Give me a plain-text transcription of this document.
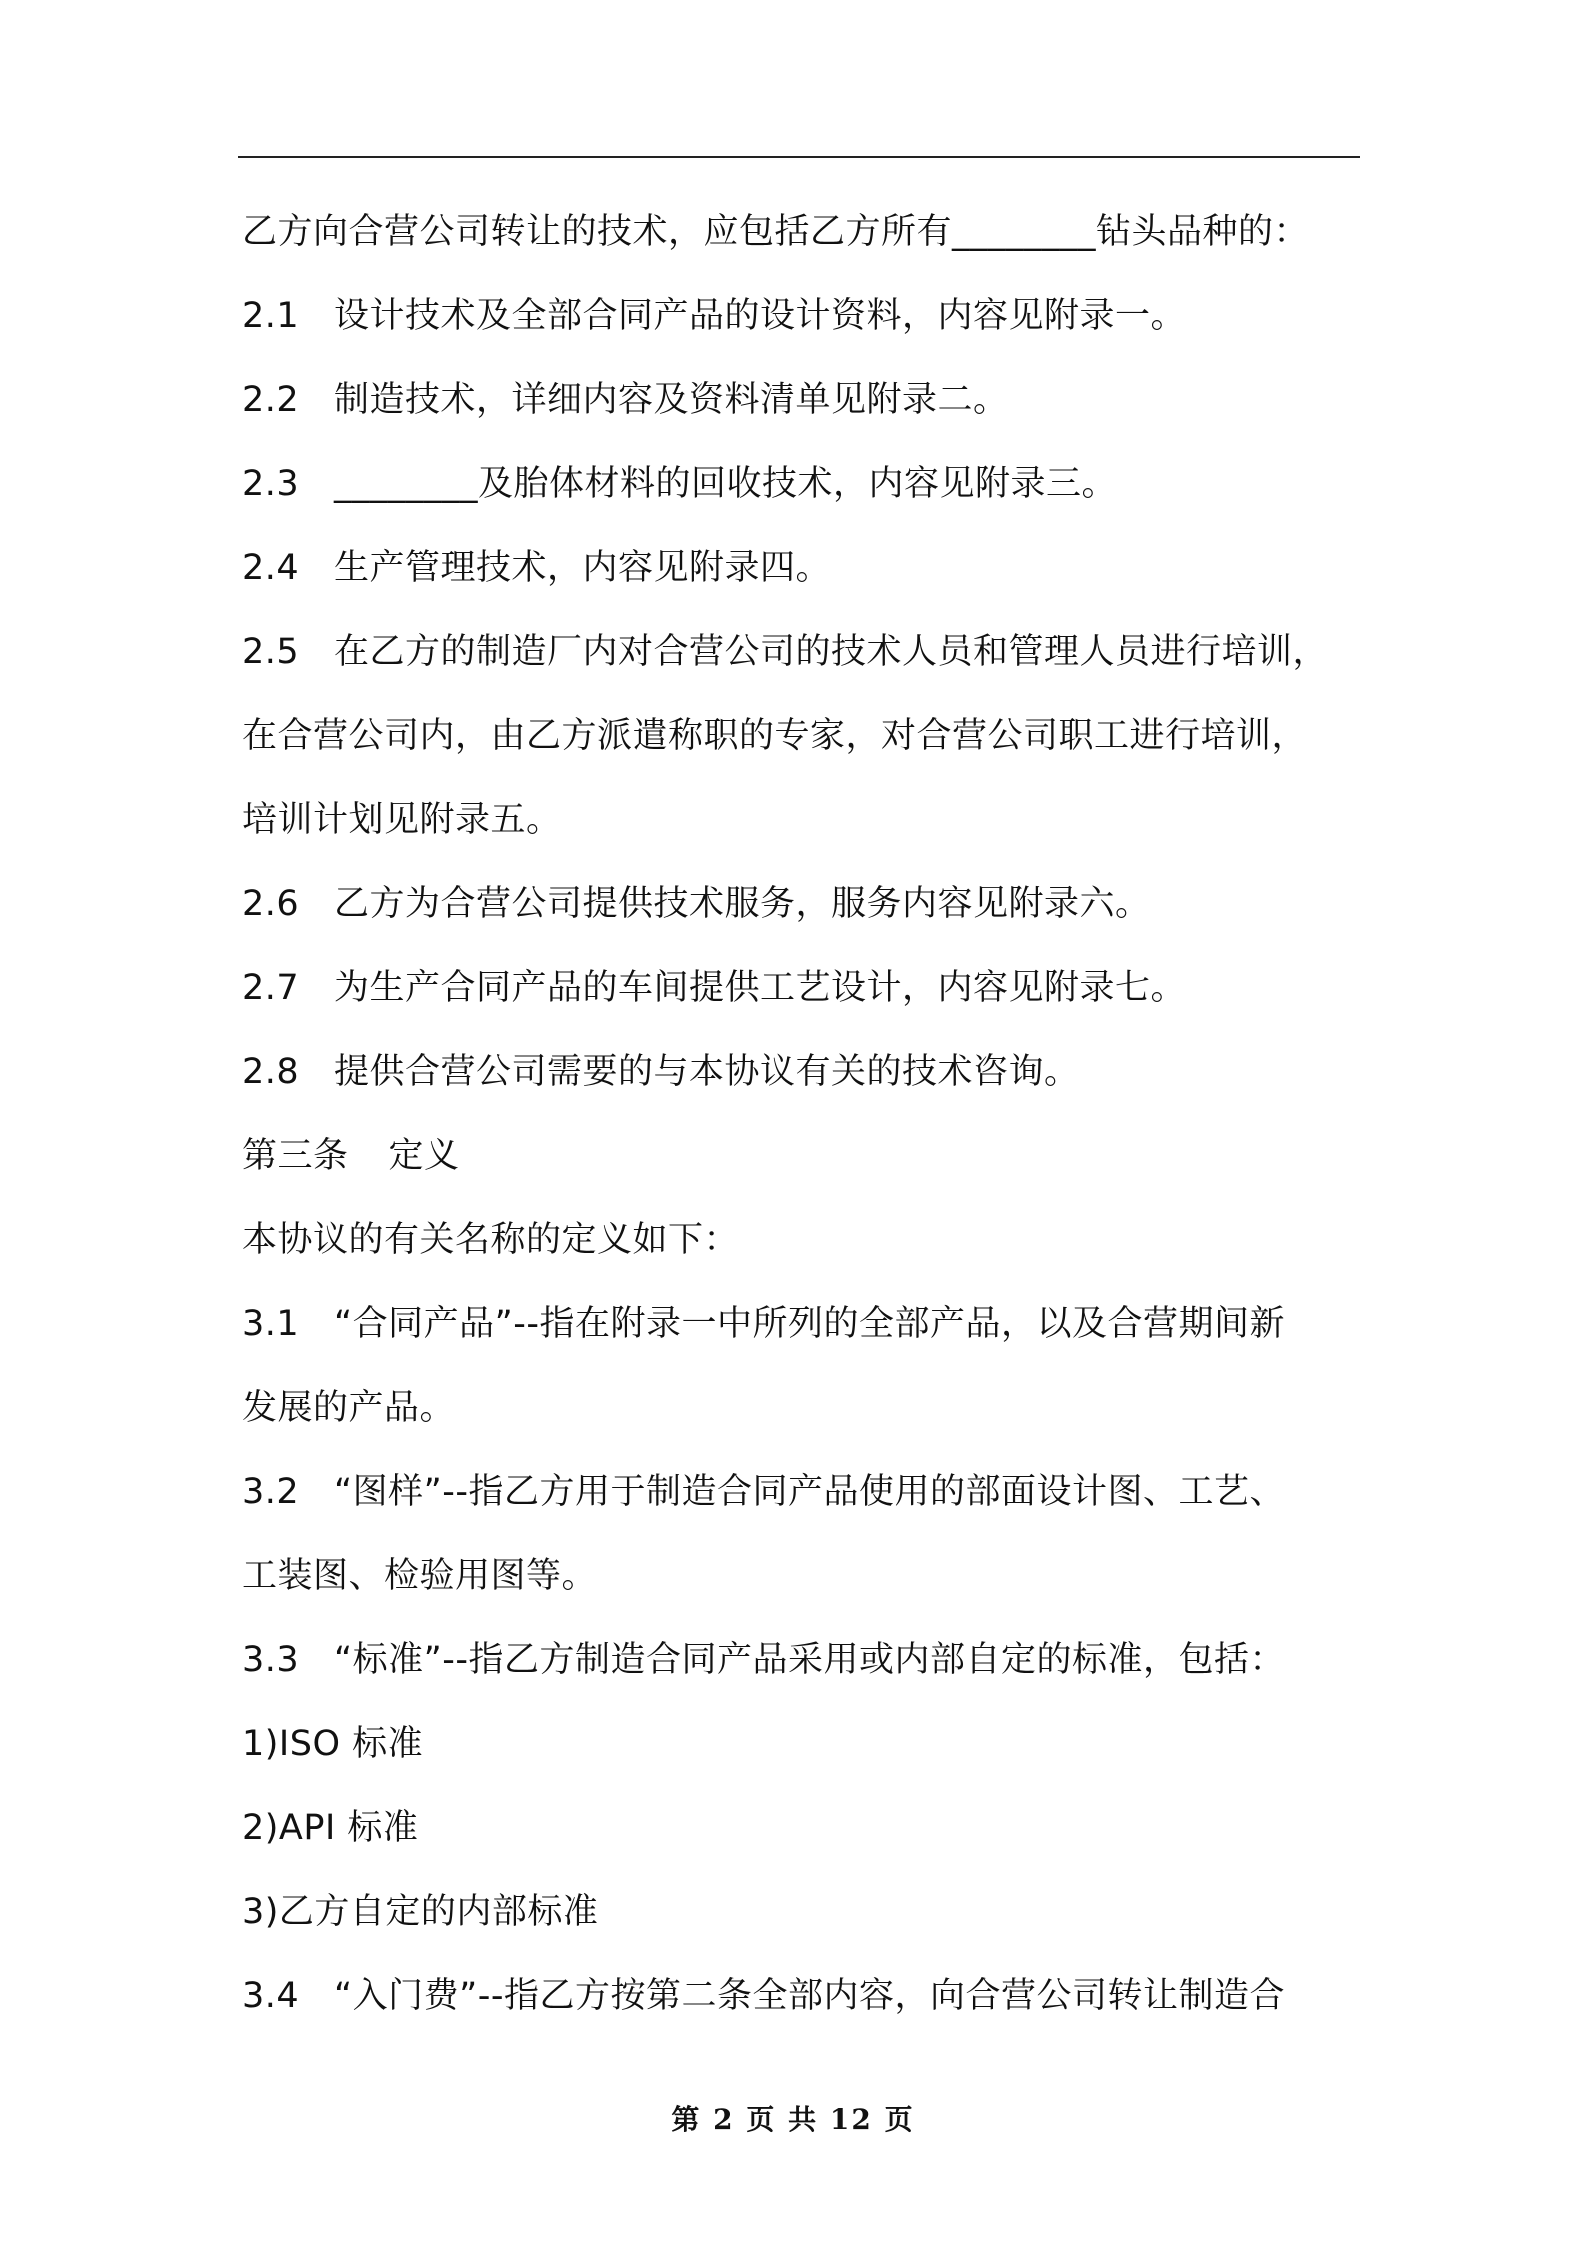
乙方向合营公司转让的技术，应包括乙方所有________钻头品种的：
2.1 设计技术及全部合同产品的设计资料，内容见附录一。
2.2 制造技术，详细内容及资料清单见附录二。
2.3 ________及胎体材料的回收技术，内容见附录三。
2.4 生产管理技术，内容见附录四。
2.5 在乙方的制造厂内对合营公司的技术人员和管理人员进行培训，
在合营公司内，由乙方派遣称职的专家，对合营公司职工进行培训，
培训计划见附录五。
2.6 乙方为合营公司提供技术服务，服务内容见附录六。
2.7 为生产合同产品的车间提供工艺设计，内容见附录七。
2.8 提供合营公司需要的与本协议有关的技术咨询。
第三条 定义
本协议的有关名称的定义如下：
3.1 “合同产品”--指在附录一中所列的全部产品，以及合营期间新
发展的产品。
3.2 “图样”--指乙方用于制造合同产品使用的部面设计图、工艺、
工装图、检验用图等。
3.3 “标准”--指乙方制造合同产品采用或内部自定的标准，包括：
1)ISO 标准
2)API 标准
3)乙方自定的内部标准
3.4 “入门费”--指乙方按第二条全部内容，向合营公司转让制造合
第 2 页 共 12 页
